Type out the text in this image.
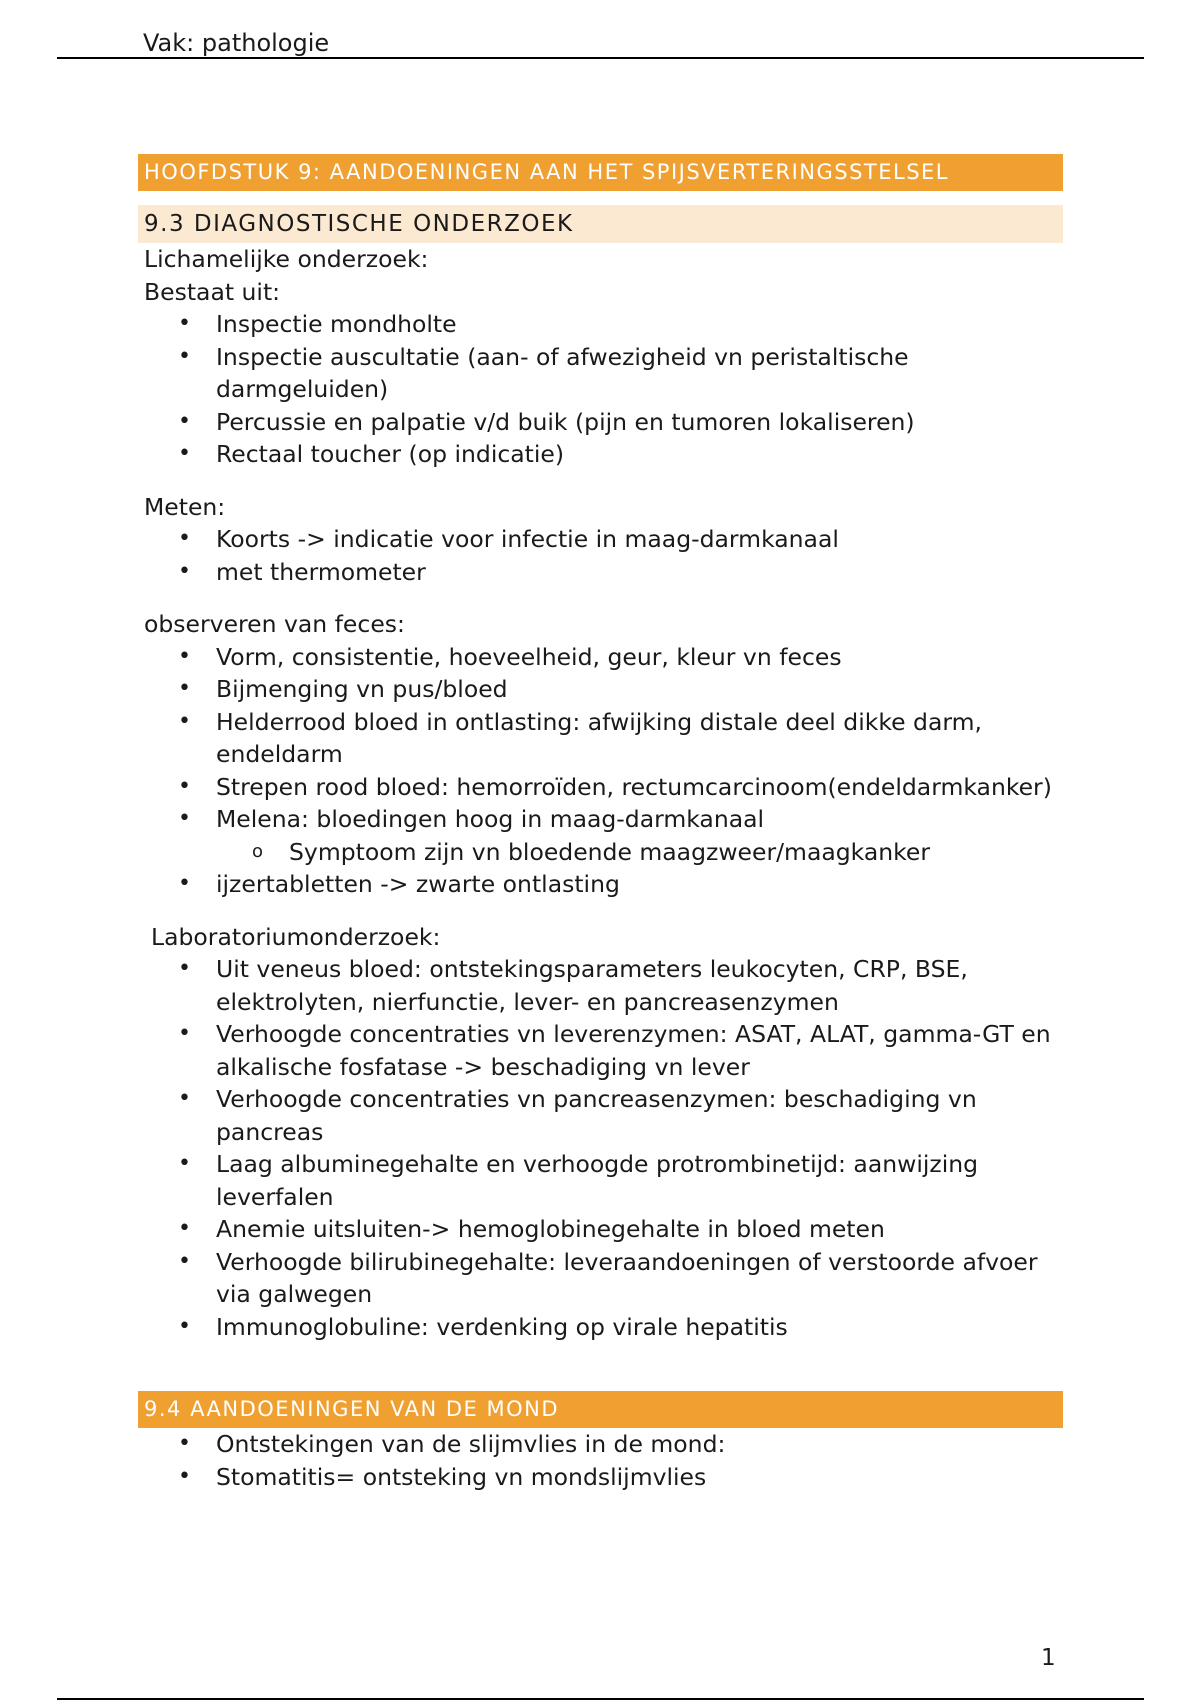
Vak: pathologie
HOOFDSTUK 9: AANDOENINGEN AAN HET SPIJSVERTERINGSSTELSEL
9.3 DIAGNOSTISCHE ONDERZOEK
Lichamelijke onderzoek:
Bestaat uit:
• Inspectie mondholte
• Inspectie auscultatie (aan- of afwezigheid vn peristaltische darmgeluiden)
• Percussie en palpatie v/d buik (pijn en tumoren lokaliseren)
• Rectaal toucher (op indicatie)
Meten:
• Koorts -> indicatie voor infectie in maag-darmkanaal
• met thermometer
observeren van feces:
• Vorm, consistentie, hoeveelheid, geur, kleur vn feces
• Bijmenging vn pus/bloed
• Helderrood bloed in ontlasting: afwijking distale deel dikke darm, endeldarm
• Strepen rood bloed: hemorroïden, rectumcarcinoom(endeldarmkanker)
• Melena: bloedingen hoog in maag-darmkanaal
o Symptoom zijn vn bloedende maagzweer/maagkanker
• ijzertabletten -> zwarte ontlasting
Laboratoriumonderzoek:
• Uit veneus bloed: ontstekingsparameters leukocyten, CRP, BSE, elektrolyten, nierfunctie, lever- en pancreasenzymen
• Verhoogde concentraties vn leverenzymen: ASAT, ALAT, gamma-GT en alkalische fosfatase -> beschadiging vn lever
• Verhoogde concentraties vn pancreasenzymen: beschadiging vn pancreas
• Laag albuminegehalte en verhoogde protrombinetijd: aanwijzing leverfalen
• Anemie uitsluiten-> hemoglobinegehalte in bloed meten
• Verhoogde bilirubinegehalte: leveraandoeningen of verstoorde afvoer via galwegen
• Immunoglobuline: verdenking op virale hepatitis
9.4 AANDOENINGEN VAN DE MOND
• Ontstekingen van de slijmvlies in de mond:
• Stomatitis= ontsteking vn mondslijmvlies
1
